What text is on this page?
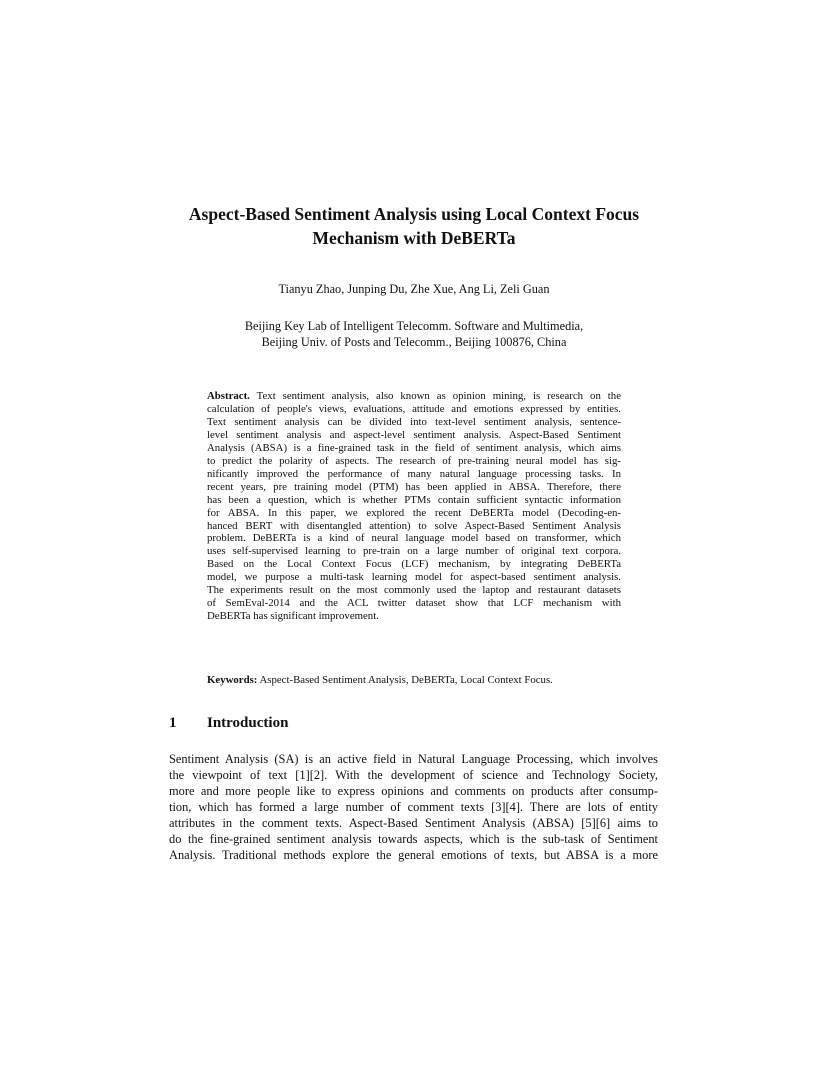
Aspect-Based Sentiment Analysis using Local Context Focus
Mechanism with DeBERTa

Tianyu Zhao, Junping Du, Zhe Xue, Ang Li, Zeli Guan

Beijing Key Lab of Intelligent Telecomm. Software and Multimedia,
Beijing Univ. of Posts and Telecomm., Beijing 100876, China

Abstract. Text sentiment analysis, also known as opinion mining, is research on the
calculation of people's views, evaluations, attitude and emotions expressed by entities.
Text sentiment analysis can be divided into text-level sentiment analysis, sentence-
level sentiment analysis and aspect-level sentiment analysis. Aspect-Based Sentiment
Analysis (ABSA) is a fine-grained task in the field of sentiment analysis, which aims
to predict the polarity of aspects. The research of pre-training neural model has sig-
nificantly improved the performance of many natural language processing tasks. In
recent years, pre training model (PTM) has been applied in ABSA. Therefore, there
has been a question, which is whether PTMs contain sufficient syntactic information
for ABSA. In this paper, we explored the recent DeBERTa model (Decoding-en-
hanced BERT with disentangled attention) to solve Aspect-Based Sentiment Analysis
problem. DeBERTa is a kind of neural language model based on transformer, which
uses self-supervised learning to pre-train on a large number of original text corpora.
Based on the Local Context Focus (LCF) mechanism, by integrating DeBERTa
model, we purpose a multi-task learning model for aspect-based sentiment analysis.
The experiments result on the most commonly used the laptop and restaurant datasets
of SemEval-2014 and the ACL twitter dataset show that LCF mechanism with
DeBERTa has significant improvement.

Keywords: Aspect-Based Sentiment Analysis, DeBERTa, Local Context Focus.

1 Introduction
Sentiment Analysis (SA) is an active field in Natural Language Processing, which involves
the viewpoint of text [1][2]. With the development of science and Technology Society,
more and more people like to express opinions and comments on products after consump-
tion, which has formed a large number of comment texts [3][4]. There are lots of entity
attributes in the comment texts. Aspect-Based Sentiment Analysis (ABSA) [5][6] aims to
do the fine-grained sentiment analysis towards aspects, which is the sub-task of Sentiment
Analysis. Traditional methods explore the general emotions of texts, but ABSA is a more
